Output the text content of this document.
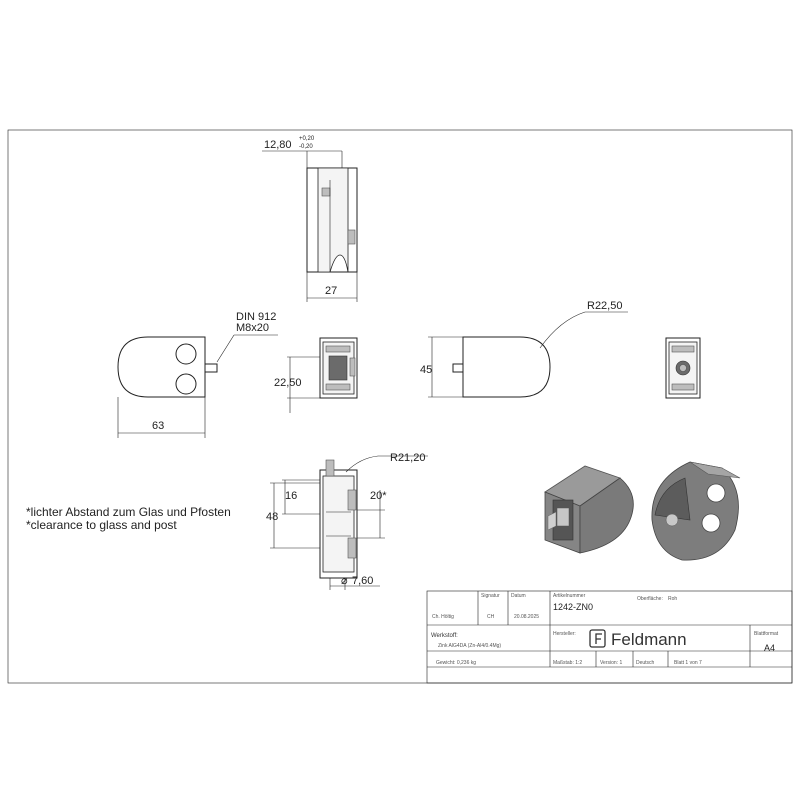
12,80 +0,20
-0,20
27
DIN 912
M8x20
63
22,50
45
R22,50
R21,20
16
48
20*
⌀ 7,60
*lichter Abstand zum Glas und Pfosten
*clearance to glass and post
Signatur Datum	Artikelnummer	Oberfläche: Roh
Ch. Höltig	CH	20.08.2025
1242-ZN0
Werkstoff:
Zink AlG4DA (Zn-Al4/0.4Mg)
Hersteller: Feldmann	Blattformat
A4
Gewicht: 0,236 kg	Maßstab: 1:2	Version: 1	Deutsch	Blatt 1 von 7
